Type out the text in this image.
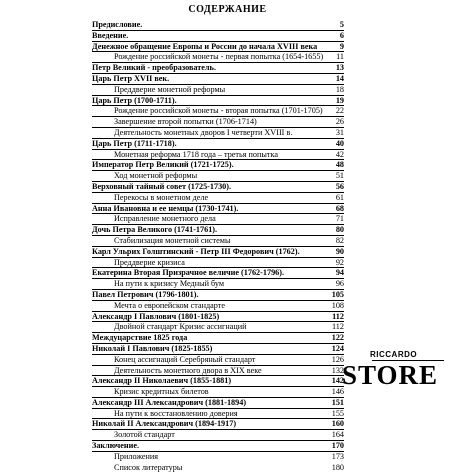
СОДЕРЖАНИЕ
Предисловие.	5
Введение.	6
Денежное обращение Европы и России до начала XVIII века	9
Рождение российской монеты - первая попытка (1654-1655) 11
Петр Великий - преобразователь.	13
Царь Петр XVII век.	14
Преддверие монетной реформы	18
Царь Петр (1700-1711).	19
Рождение российской монеты - вторая попытка (1701-1705) 22
Завершение второй попытки (1706-1714)	26
Деятельность монетных дворов I четверти XVIII в.	31
Царь Петр (1711-1718).	40
Монетная реформа 1718 года – третья попытка	42
Император Петр Великий (1721-1725).	48
Ход монетной реформы	51
Верховный тайный совет (1725-1730).	56
Перекосы в монетном деле	61
Анна Ивановна и ее немцы (1730-1741).	68
Исправление монетного дела	71
Дочь Петра Великого (1741-1761).	80
Стабилизация монетной системы	82
Карл Ульрих Голштинский - Петр III Федорович (1762).	90
Преддверие кризиса	92
Екатерина Вторая Призрачное величие (1762-1796).	94
На пути к кризису Медный бум	96
Павел Петрович (1796-1801).	105
Мечта о европейском стандарте	108
Александр I Павлович (1801-1825)	112
Двойной стандарт Кризис ассигнаций	112
Междуцарствие 1825 года	122
Николай I Павлович (1825-1855)	124
Конец ассигнаций Серебряный стандарт	126
Деятельность монетного двора в XIX веке	132
Александр II Николаевич (1855-1881)	142
Кризис кредитных билетов	146
Александр III Александрович (1881-1894)	151
На пути к восстановлению доверия	155
Николай II Александрович (1894-1917)	160
Золотой стандарт	164
Заключение.	170
Приложения	173
Список литературы	180
RICCARDO
STORE
